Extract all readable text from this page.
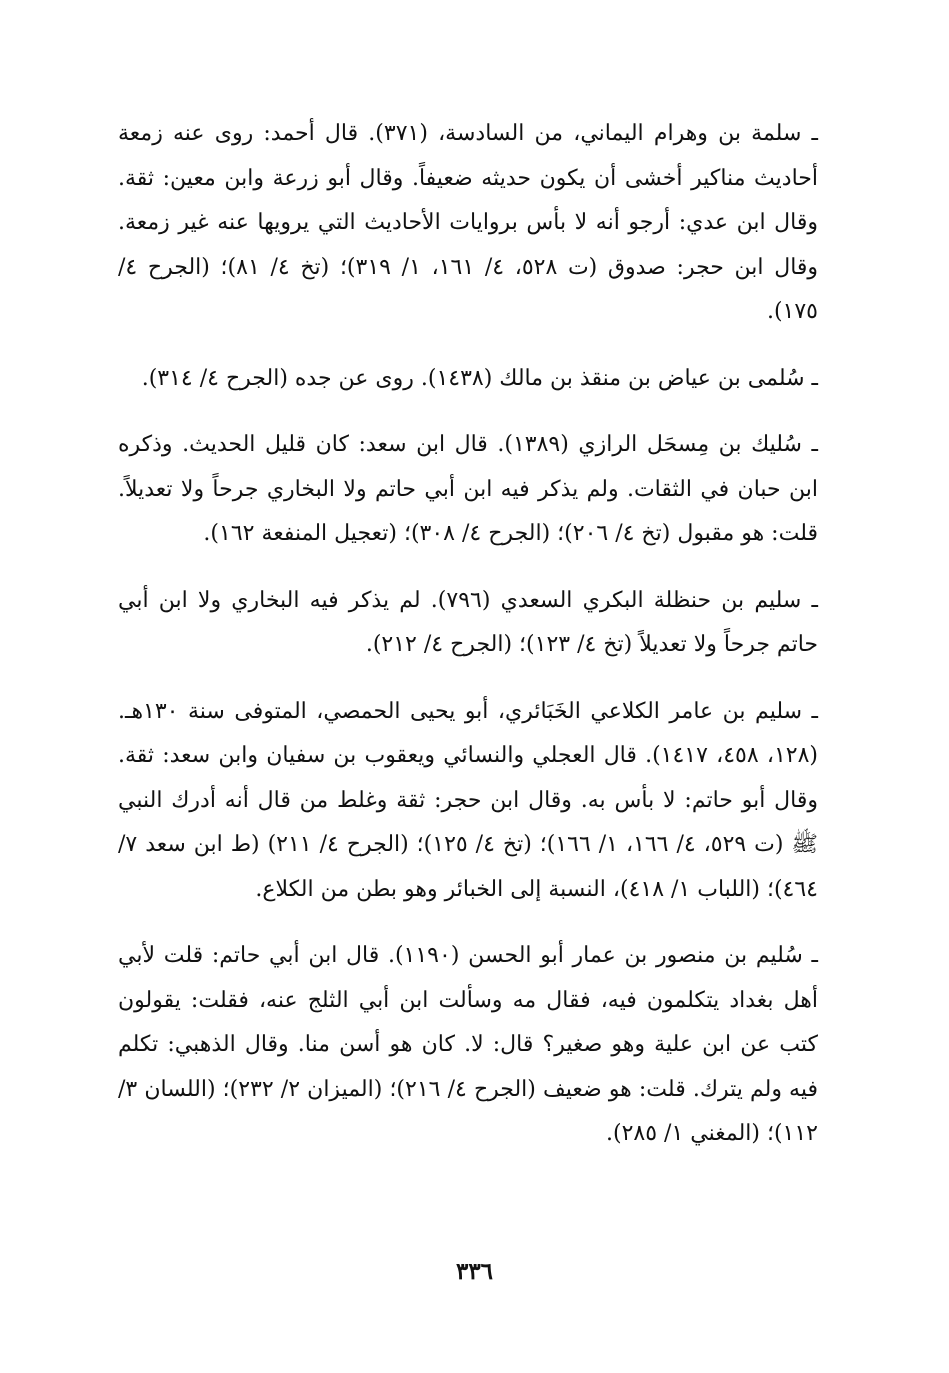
ـ سلمة بن وهرام اليماني، من السادسة، (٣٧١). قال أحمد: روى عنه زمعة أحاديث مناكير أخشى أن يكون حديثه ضعيفاً. وقال أبو زرعة وابن معين: ثقة. وقال ابن عدي: أرجو أنه لا بأس بروايات الأحاديث التي يرويها عنه غير زمعة. وقال ابن حجر: صدوق (ت ٥٢٨، ٤/ ١٦١، ١/ ٣١٩)؛ (تخ ٤/ ٨١)؛ (الجرح ٤/ ١٧٥).

ـ سُلمى بن عياض بن منقذ بن مالك (١٤٣٨). روى عن جده (الجرح ٤/ ٣١٤).

ـ سُليك بن مِسحَل الرازي (١٣٨٩). قال ابن سعد: كان قليل الحديث. وذكره ابن حبان في الثقات. ولم يذكر فيه ابن أبي حاتم ولا البخاري جرحاً ولا تعديلاً. قلت: هو مقبول (تخ ٤/ ٢٠٦)؛ (الجرح ٤/ ٣٠٨)؛ (تعجيل المنفعة ١٦٢).

ـ سليم بن حنظلة البكري السعدي (٧٩٦). لم يذكر فيه البخاري ولا ابن أبي حاتم جرحاً ولا تعديلاً (تخ ٤/ ١٢٣)؛ (الجرح ٤/ ٢١٢).

ـ سليم بن عامر الكلاعي الخَبَائري، أبو يحيى الحمصي، المتوفى سنة ١٣٠هـ. (١٢٨، ٤٥٨، ١٤١٧). قال العجلي والنسائي ويعقوب بن سفيان وابن سعد: ثقة. وقال أبو حاتم: لا بأس به. وقال ابن حجر: ثقة وغلط من قال أنه أدرك النبي ﷺ (ت ٥٢٩، ٤/ ١٦٦، ١/ ١٦٦)؛ (تخ ٤/ ١٢٥)؛ (الجرح ٤/ ٢١١) (ط ابن سعد ٧/ ٤٦٤)؛ (اللباب ١/ ٤١٨)، النسبة إلى الخبائر وهو بطن من الكلاع.

ـ سُليم بن منصور بن عمار أبو الحسن (١١٩٠). قال ابن أبي حاتم: قلت لأبي أهل بغداد يتكلمون فيه، فقال مه وسألت ابن أبي الثلج عنه، فقلت: يقولون كتب عن ابن علية وهو صغير؟ قال: لا. كان هو أسن منا. وقال الذهبي: تكلم فيه ولم يترك. قلت: هو ضعيف (الجرح ٤/ ٢١٦)؛ (الميزان ٢/ ٢٣٢)؛ (اللسان ٣/ ١١٢)؛ (المغني ١/ ٢٨٥).

٣٣٦
